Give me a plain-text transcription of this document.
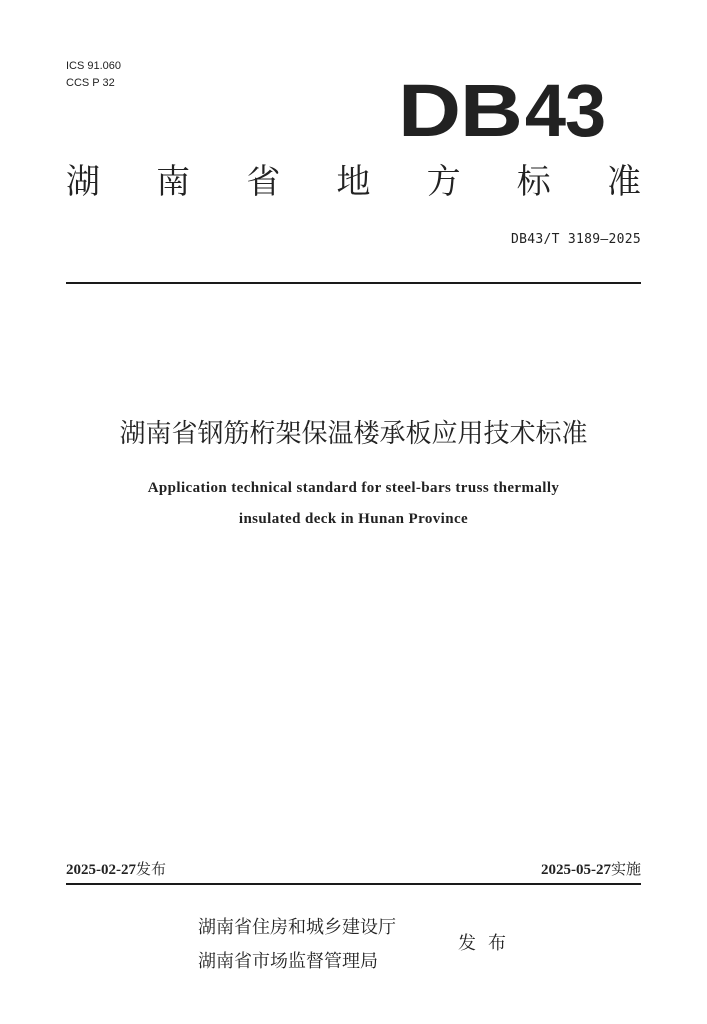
ICS 91.060
CCS P 32	DB43
湖 南 省 地 方 标 准
DB43/T 3189—2025
湖南省钢筋桁架保温楼承板应用技术标准
Application technical standard for steel-bars truss thermally
insulated deck in Hunan Province
2025-02-27发布	2025-05-27实施
湖南省住房和城乡建设厅
湖南省市场监督管理局
发布
